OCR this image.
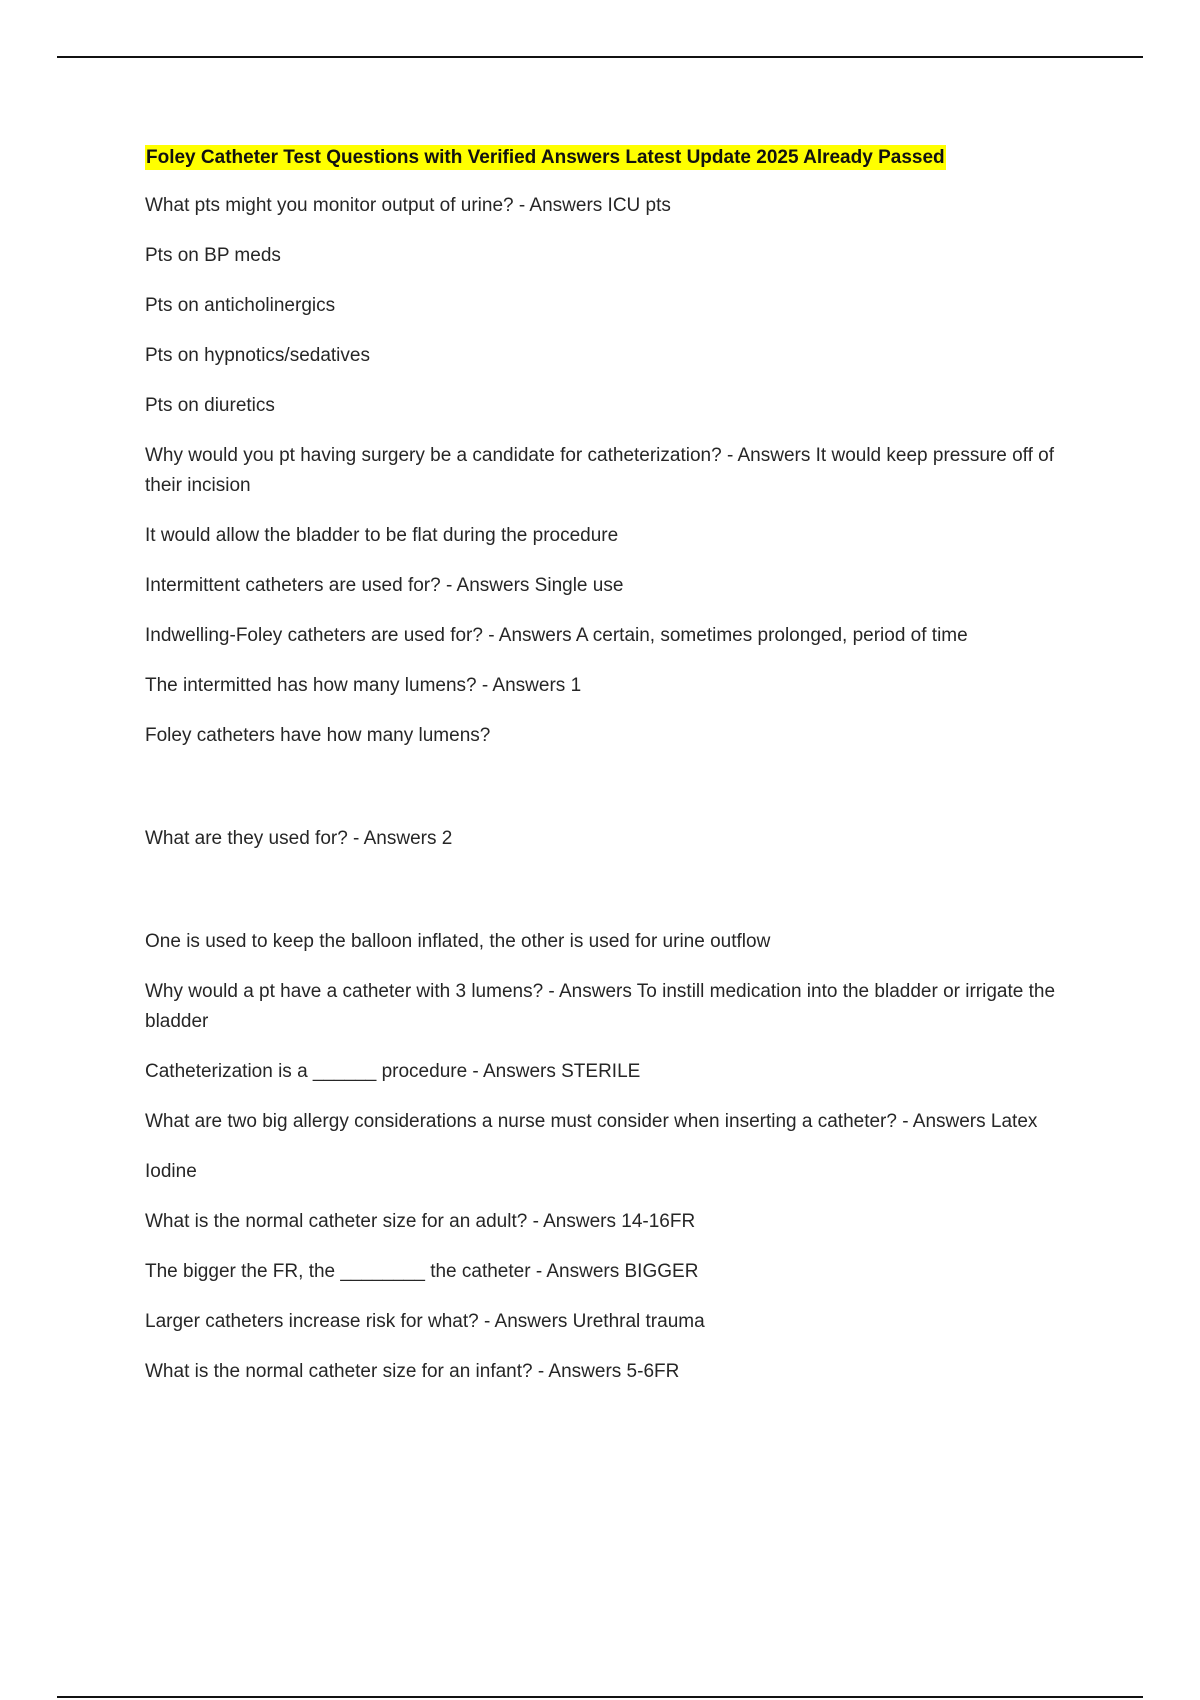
Foley Catheter Test Questions with Verified Answers Latest Update 2025 Already Passed

What pts might you monitor output of urine? - Answers ICU pts

Pts on BP meds

Pts on anticholinergics

Pts on hypnotics/sedatives

Pts on diuretics

Why would you pt having surgery be a candidate for catheterization? - Answers It would keep pressure off of their incision

It would allow the bladder to be flat during the procedure

Intermittent catheters are used for? - Answers Single use

Indwelling-Foley catheters are used for? - Answers A certain, sometimes prolonged, period of time

The intermitted has how many lumens? - Answers 1

Foley catheters have how many lumens?

What are they used for? - Answers 2

One is used to keep the balloon inflated, the other is used for urine outflow

Why would a pt have a catheter with 3 lumens? - Answers To instill medication into the bladder or irrigate the bladder

Catheterization is a ______ procedure - Answers STERILE

What are two big allergy considerations a nurse must consider when inserting a catheter? - Answers Latex

Iodine

What is the normal catheter size for an adult? - Answers 14-16FR

The bigger the FR, the ________ the catheter - Answers BIGGER

Larger catheters increase risk for what? - Answers Urethral trauma

What is the normal catheter size for an infant? - Answers 5-6FR
